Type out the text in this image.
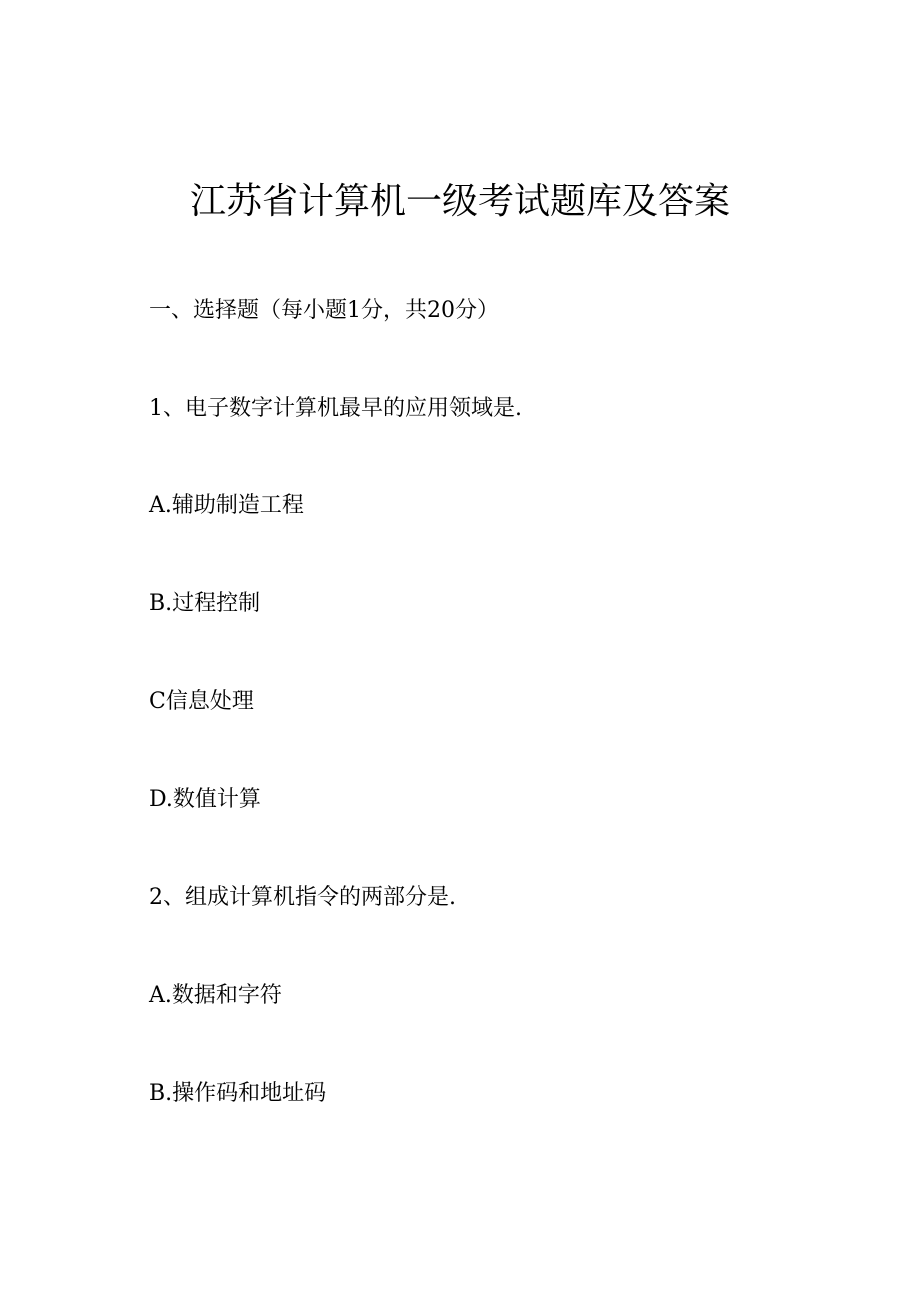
江苏省计算机一级考试题库及答案
一、选择题（每小题1分，共20分）
1、电子数字计算机最早的应用领域是.
A.辅助制造工程
B.过程控制
C信息处理
D.数值计算
2、组成计算机指令的两部分是.
A.数据和字符
B.操作码和地址码
